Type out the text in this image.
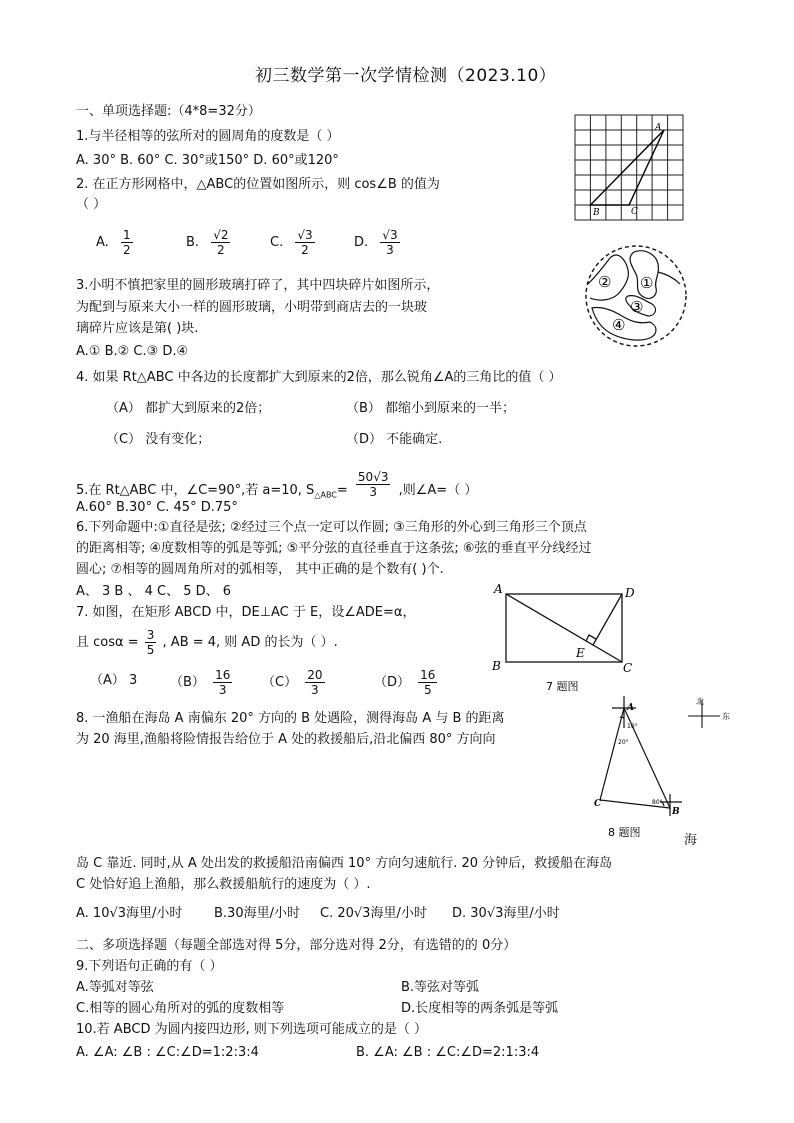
初三数学第一次学情检测（2023.10）
一、单项选择题:（4*8=32分）
1.与半径相等的弦所对的圆周角的度数是（ ）
A. 30° B. 60° C. 30°或150° D. 60°或120°
2. 在正方形网格中，△ABC的位置如图所示，则 cos∠B 的值为
（ ）
A. $\frac{1}{2}$	B. $\frac{√2}{2}$	C. $\frac{√3}{2}$	D. $\frac{√3}{3}$
A
B	C
3.小明不慎把家里的圆形玻璃打碎了，其中四块碎片如图所示，
为配到与原来大小一样的圆形玻璃，小明带到商店去的一块玻
璃碎片应该是第( )块.
A.① B.② C.③ D.④
② ①
③
④
4. 如果 Rt△ABC 中各边的长度都扩大到原来的2倍，那么锐角∠A的三角比的值（ ）
（A） 都扩大到原来的2倍；	（B） 都缩小到原来的一半；
（C） 没有变化；	（D） 不能确定.
5.在 Rt△ABC 中，∠C=90°,若 a=10, $S_{\triangle ABC}= \frac{50√3}{3}$ ,则∠A=（ ）
A.60° B.30° C. 45° D.75°
6.下列命题中:①直径是弦; ②经过三个点一定可以作圆; ③三角形的外心到三角形三个顶点
的距离相等; ④度数相等的弧是等弧; ⑤平分弦的直径垂直于这条弦; ⑥弦的垂直平分线经过
圆心; ⑦相等的圆周角所对的弧相等， 其中正确的是个数有( )个.
A、 3 B 、 4 C、 5 D、 6
7. 如图，在矩形 ABCD 中，DE⊥AC 于 E，设∠ADE=α，
且 $\cos\alpha = \frac{3}{5}$ , AB = 4, 则 AD 的长为（ ）.
（A） 3	$(B) \frac{16}{3} (C) \frac{20}{3}$	$(D) \frac{16}{5}$
A	D
B	C
E
7 题图
8. 一渔船在海岛 A 南偏东 20° 方向的 B 处遇险，测得海岛 A 与 B 的距离
为 20 海里,渔船将险情报告给位于 A 处的救援船后,沿北偏西 80° 方向向
海
岛 C 靠近. 同时,从 A 处出发的救援船沿南偏西 10° 方向匀速航行. 20 分钟后，救援船在海岛
C 处恰好追上渔船，那么救援船航行的速度为（ ）.
A. 10√3海里/小时 B.30海里/小时 C. 20√3海里/小时 D. 30√3海里/小时
10°
20°
80°
A
B
C
8 题图
北
东
二、多项选择题（每题全部选对得 5分，部分选对得 2分，有选错的的 0分）
9.下列语句正确的有（ ）
A.等弧对等弦	B.等弦对等弧
C.相等的圆心角所对的弧的度数相等	D.长度相等的两条弧是等弧
10.若 ABCD 为圆内接四边形, 则下列选项可能成立的是（ ）
A. ∠A: ∠B : ∠C:∠D=1:2:3:4	B. ∠A: ∠B : ∠C:∠D=2:1:3:4
